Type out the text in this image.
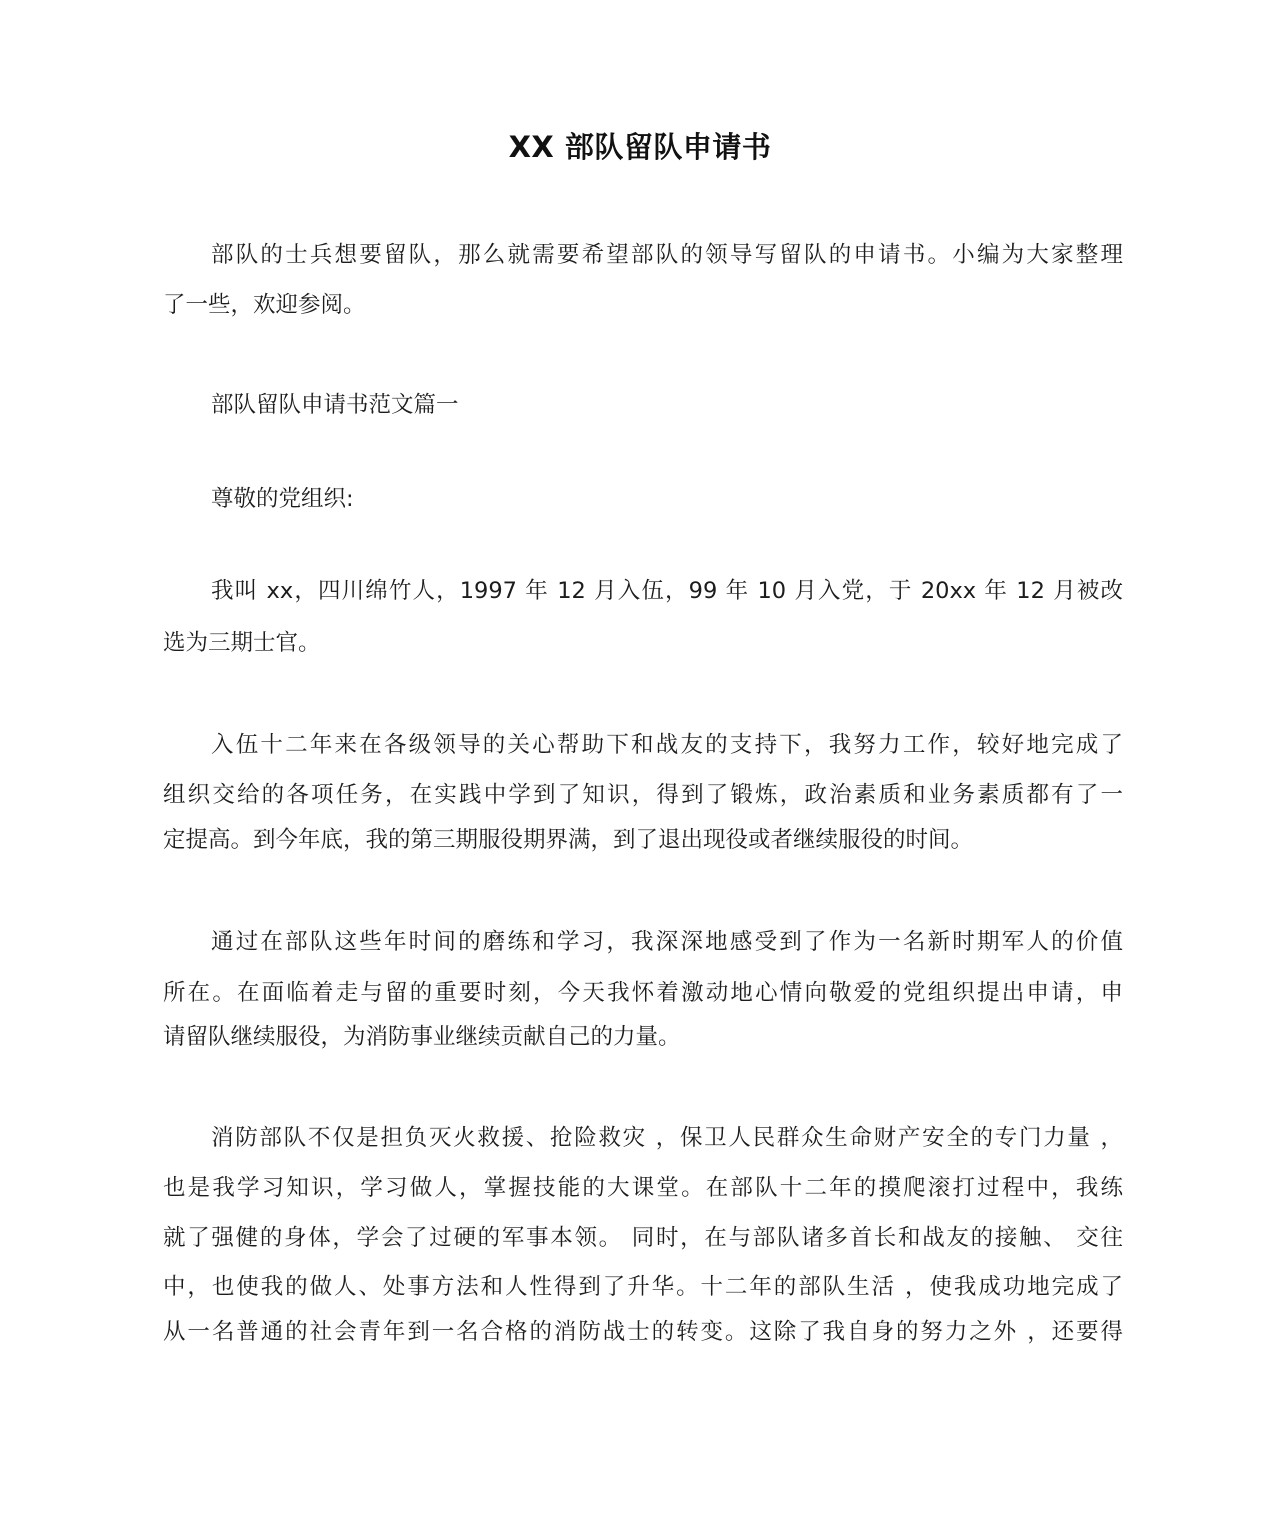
XX 部队留队申请书
部队的士兵想要留队，那么就需要希望部队的领导写留队的申请书。小编为大家整理
了一些，欢迎参阅。
部队留队申请书范文篇一
尊敬的党组织:
我叫 xx，四川绵竹人，1997 年 12 月入伍，99 年 10 月入党，于 20xx 年 12 月被改
选为三期士官。
入伍十二年来在各级领导的关心帮助下和战友的支持下，我努力工作，较好地完成了
组织交给的各项任务，在实践中学到了知识，得到了锻炼，政治素质和业务素质都有了一
定提高。到今年底，我的第三期服役期界满，到了退出现役或者继续服役的时间。
通过在部队这些年时间的磨练和学习，我深深地感受到了作为一名新时期军人的价值
所在。在面临着走与留的重要时刻，今天我怀着激动地心情向敬爱的党组织提出申请，申
请留队继续服役，为消防事业继续贡献自己的力量。
消防部队不仅是担负灭火救援、抢险救灾 ，保卫人民群众生命财产安全的专门力量 ，
也是我学习知识，学习做人，掌握技能的大课堂。在部队十二年的摸爬滚打过程中，我练
就了强健的身体，学会了过硬的军事本领。 同时，在与部队诸多首长和战友的接触、 交往
中，也使我的做人、处事方法和人性得到了升华。十二年的部队生活 ，使我成功地完成了
从一名普通的社会青年到一名合格的消防战士的转变。这除了我自身的努力之外 ，还要得
